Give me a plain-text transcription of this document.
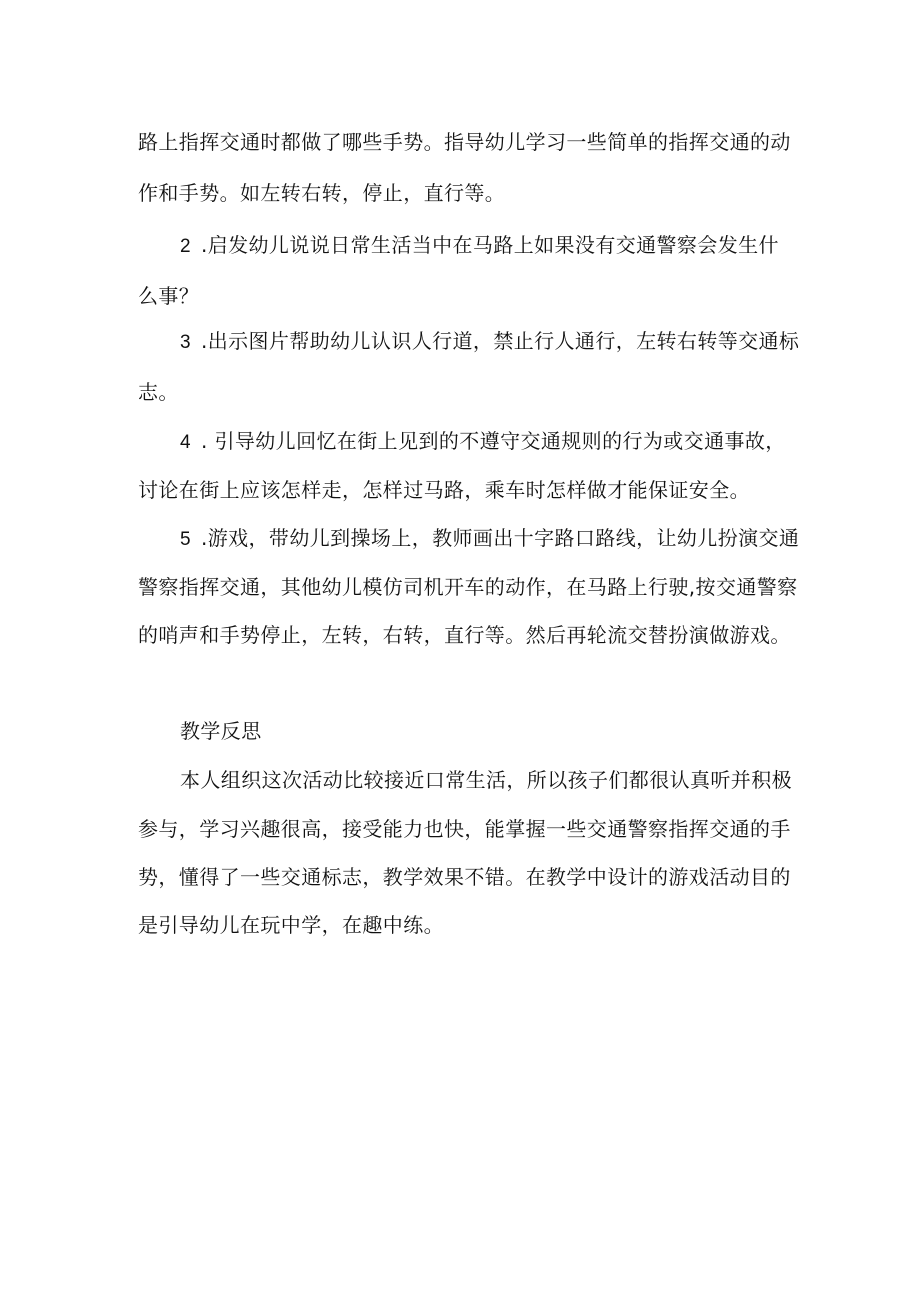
路上指挥交通时都做了哪些手势。指导幼儿学习一些简单的指挥交通的动

作和手势。如左转右转，停止，直行等。

2 .启发幼儿说说日常生活当中在马路上如果没有交通警察会发生什

么事？

3 .出示图片帮助幼儿认识人行道，禁止行人通行，左转右转等交通标

志。

4 . 引导幼儿回忆在街上见到的不遵守交通规则的行为或交通事故，

讨论在街上应该怎样走，怎样过马路，乘车时怎样做才能保证安全。

5 .游戏，带幼儿到操场上，教师画出十字路口路线，让幼儿扮演交通

警察指挥交通，其他幼儿模仿司机开车的动作，在马路上行驶,按交通警察

的哨声和手势停止，左转，右转，直行等。然后再轮流交替扮演做游戏。

教学反思

本人组织这次活动比较接近口常生活，所以孩子们都很认真听并积极

参与，学习兴趣很高，接受能力也快，能掌握一些交通警察指挥交通的手

势，懂得了一些交通标志，教学效果不错。在教学中设计的游戏活动目的

是引导幼儿在玩中学，在趣中练。
